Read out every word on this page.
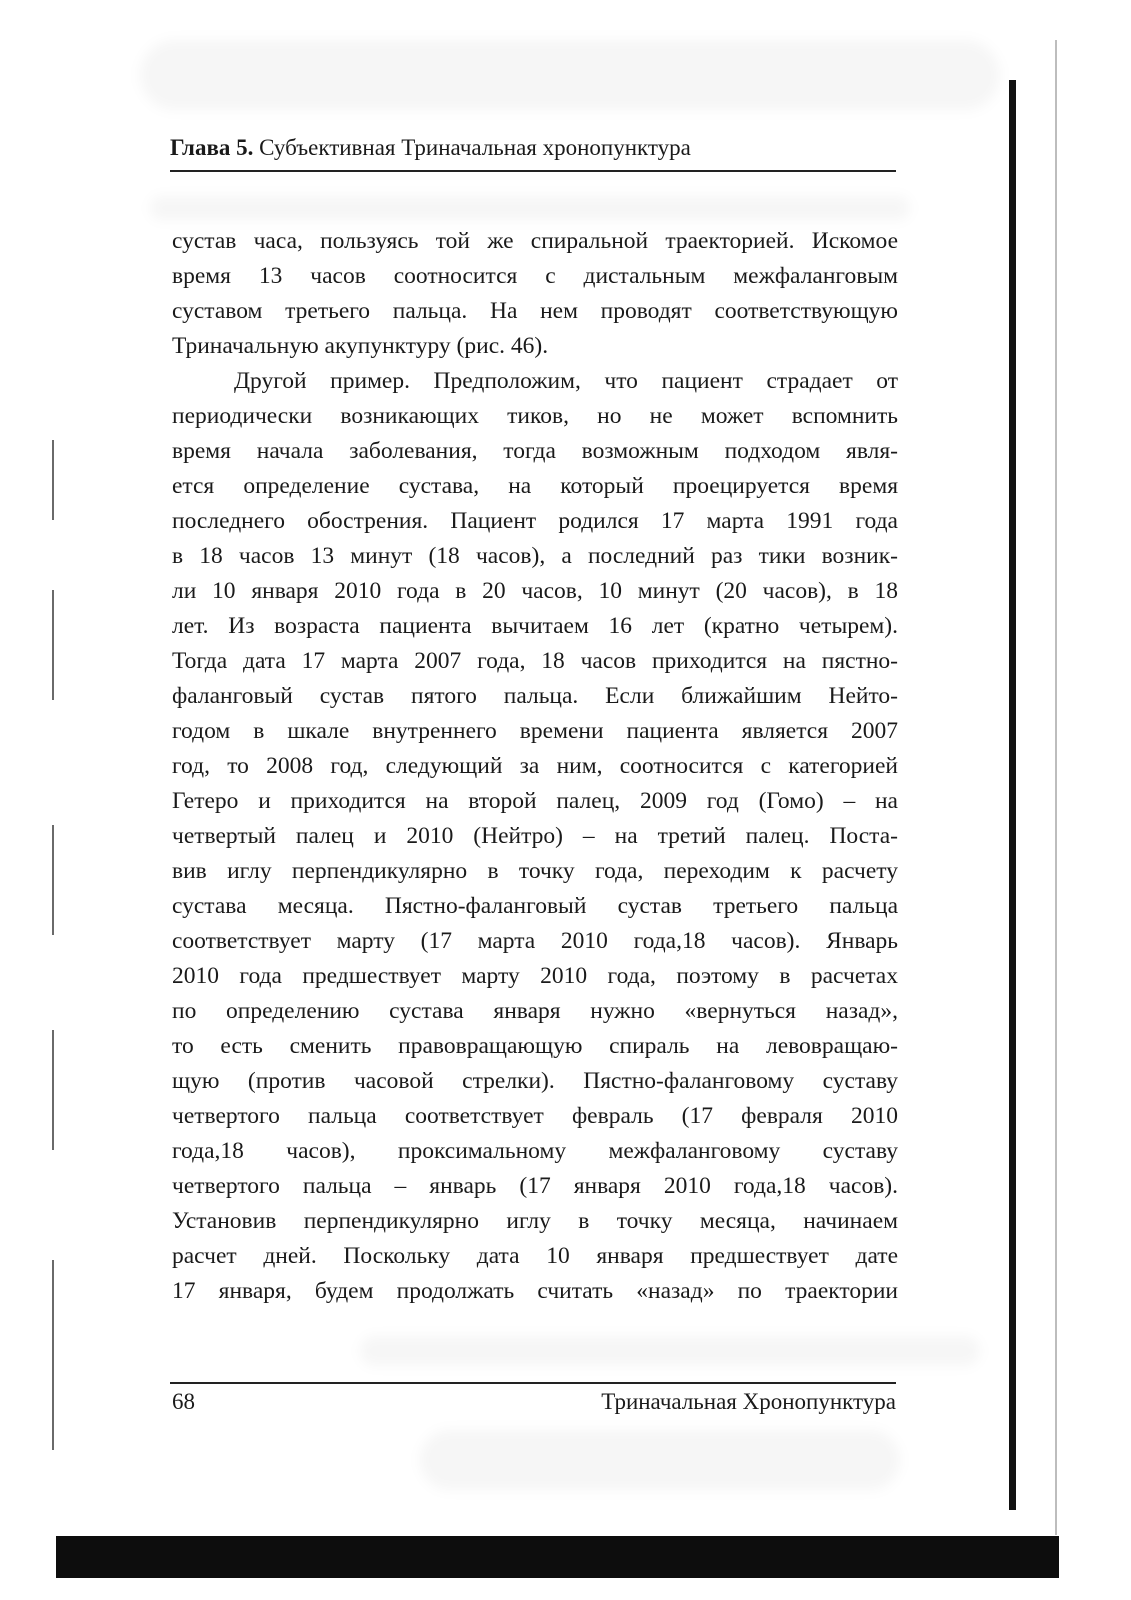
Глава 5. Субъективная Триначальная хронопунктура
сустав часа, пользуясь той же спиральной траекторией. Искомое
время 13 часов соотносится с дистальным межфаланговым
суставом третьего пальца. На нем проводят соответствующую
Триначальную акупунктуру (рис. 46).
Другой пример. Предположим, что пациент страдает от
периодически возникающих тиков, но не может вспомнить
время начала заболевания, тогда возможным подходом явля-
ется определение сустава, на который проецируется время
последнего обострения. Пациент родился 17 марта 1991 года
в 18 часов 13 минут (18 часов), а последний раз тики возник-
ли 10 января 2010 года в 20 часов, 10 минут (20 часов), в 18
лет. Из возраста пациента вычитаем 16 лет (кратно четырем).
Тогда дата 17 марта 2007 года, 18 часов приходится на пястно-
фаланговый сустав пятого пальца. Если ближайшим Нейто-
годом в шкале внутреннего времени пациента является 2007
год, то 2008 год, следующий за ним, соотносится с категорией
Гетеро и приходится на второй палец, 2009 год (Гомо) – на
четвертый палец и 2010 (Нейтро) – на третий палец. Поста-
вив иглу перпендикулярно в точку года, переходим к расчету
сустава месяца. Пястно-фаланговый сустав третьего пальца
соответствует марту (17 марта 2010 года,18 часов). Январь
2010 года предшествует марту 2010 года, поэтому в расчетах
по определению сустава января нужно «вернуться назад»,
то есть сменить правовращающую спираль на левовращаю-
щую (против часовой стрелки). Пястно-фаланговому суставу
четвертого пальца соответствует февраль (17 февраля 2010
года,18 часов), проксимальному межфаланговому суставу
четвертого пальца – январь (17 января 2010 года,18 часов).
Установив перпендикулярно иглу в точку месяца, начинаем
расчет дней. Поскольку дата 10 января предшествует дате
17 января, будем продолжать считать «назад» по траектории
68	Триначальная Хронопунктура
